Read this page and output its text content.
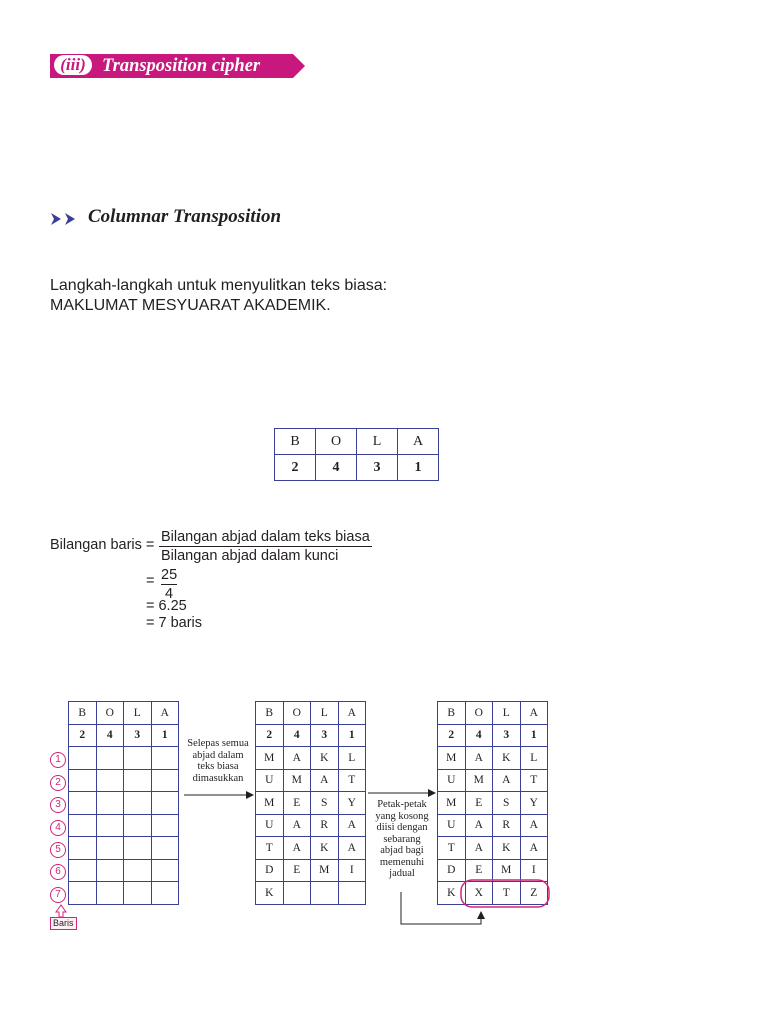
(iii) Transposition cipher
Columnar Transposition
Langkah-langkah untuk menyulitkan teks biasa:
MAKLUMAT MESYUARAT AKADEMIK.
B	O	L	A
2	4	3	1
Bilangan baris = Bilangan abjad dalam teks biasa
Bilangan abjad dalam kunci
= 25
4
= 6.25
= 7 baris
B	O	L	A
2	4	3	1

B	O	L	A
2	4	3	1
M	A	K	L
U	M	A	T
M	E	S	Y
U	A	R	A
T	A	K	A
D	E	M	I
K			
B	O	L	A
2	4	3	1
M	A	K	L
U	M	A	T
M	E	S	Y
U	A	R	A
T	A	K	A
D	E	M	I
K	X	T	Z
1
2
3
4
5
6
7
Baris
Selepas semua
abjad dalam
teks biasa
dimasukkan
Petak-petak
yang kosong
diisi dengan
sebarang
abjad bagi
memenuhi
jadual
